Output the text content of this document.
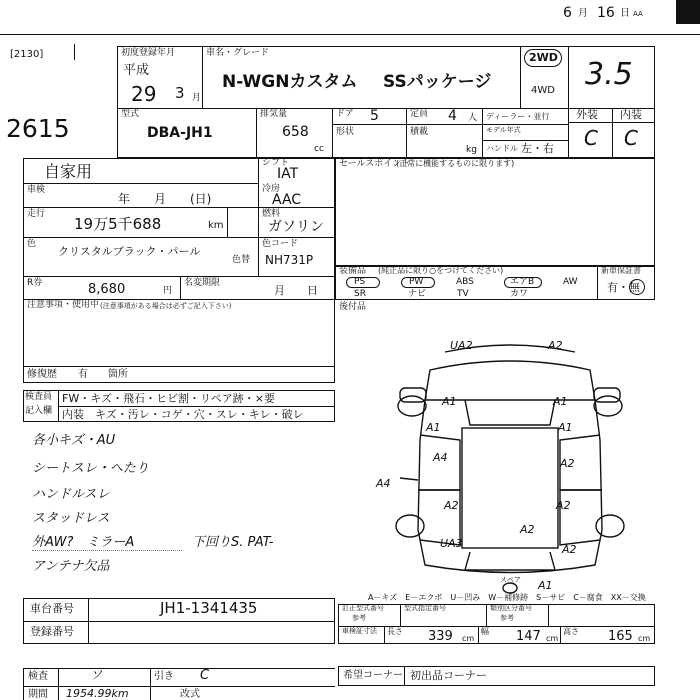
6 月 16 日 AA
[2130]
2615
初度登録年月
平成
29 3 月
車名・グレード
N-WGNカスタム SSパッケージ
2WD
4WD 3.5
型式
DBA-JH1
排気量
658
cc
ドア 5	定員 4 人
形状	積載
kg
ディーラー・並行
モデル年式
ハンドル 左・右
外装 内装
C C
自家用
車検
年　　月　　(日)
走行
19万5千688	km
色
クリスタルブラック・パール
R券	8,680	円
名変期限
月　　日
注意事項・使用中 (注意事項がある場合は必ずご記入下さい)
修復歴 有 箇所
シフト
IAT
冷房
AAC
燃料
ガソリン
色コード
色替 NH731P
セールスポイント
(正常に機能するものに限ります)
装備品 (純正品に限り○をつけてください)
PS	PW	ABS	エアB	AW
SR	ナビ	TV	カワ
新車保証書
有・無
後付品
検査員
記入欄
FW・キズ・飛石・ヒビ割・リペア跡・×要
内装　キズ・汚レ・コゲ・穴・スレ・キレ・破レ
各小キズ・AU
シートスレ・へたり
ハンドルスレ
スタッドレス
外AW?　ミラーA
アンテナ欠品
下回りS. PAT-
UA2	A2
A1	A1
A1	A1
A4
A4
A2
A2	A2
A2
UA3	A2
A1
スペア
A－キズ　E－エクボ　U－凹み　W－補修跡　S－サビ　C－腐食　XX－交換
車台番号	JH1-1341435
登録番号
訂正型式番号
参考
型式指定番号	類別区分番号
参考
車検証寸法 長さ 339 cm
幅 147 cm
高さ 165 cm
検査	ソ	引き C
期間 1954.99km	改式
希望コーナー 初出品コーナー
